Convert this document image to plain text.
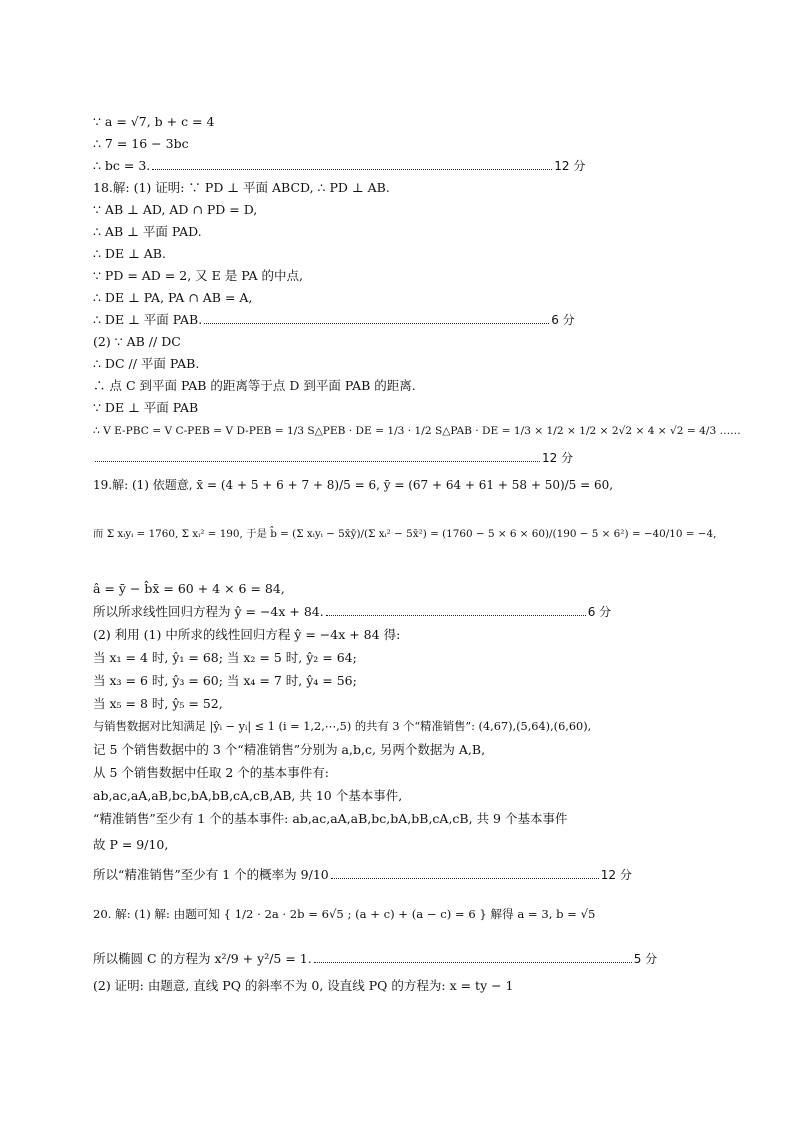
∵ a = √7, b + c = 4
∴ 7 = 16 − 3bc
∴ bc = 3.	12 分
18.解: (1) 证明: ∵ PD ⊥ 平面 ABCD, ∴ PD ⊥ AB.
∵ AB ⊥ AD, AD ∩ PD = D,
∴ AB ⊥ 平面 PAD.
∴ DE ⊥ AB.
∵ PD = AD = 2, 又 E 是 PA 的中点,
∴ DE ⊥ PA, PA ∩ AB = A,
∴ DE ⊥ 平面 PAB.	6 分
(2) ∵ AB // DC
∴ DC // 平面 PAB.
∴ 点 C 到平面 PAB 的距离等于点 D 到平面 PAB 的距离.
∵ DE ⊥ 平面 PAB
∴ V E-PBC = V C-PEB = V D-PEB = 1/3 S△PEB · DE = 1/3 · 1/2 S△PAB · DE = 1/3 × 1/2 × 1/2 × 2√2 × 4 × √2 = 4/3 ……
12 分
19.解: (1) 依题意, x̄ = (4 + 5 + 6 + 7 + 8)/5 = 6, ȳ = (67 + 64 + 61 + 58 + 50)/5 = 60,
而 Σ xᵢyᵢ = 1760, Σ xᵢ² = 190, 于是 b̂ = (Σ xᵢyᵢ − 5x̄ȳ)/(Σ xᵢ² − 5x̄²) = (1760 − 5 × 6 × 60)/(190 − 5 × 6²) = −40/10 = −4,
â = ȳ − b̂x̄ = 60 + 4 × 6 = 84,
所以所求线性回归方程为 ŷ = −4x + 84.	6 分
(2) 利用 (1) 中所求的线性回归方程 ŷ = −4x + 84 得:
当 x₁ = 4 时, ŷ₁ = 68; 当 x₂ = 5 时, ŷ₂ = 64;
当 x₃ = 6 时, ŷ₃ = 60; 当 x₄ = 7 时, ŷ₄ = 56;
当 x₅ = 8 时, ŷ₅ = 52,
与销售数据对比知满足 |ŷᵢ − yᵢ| ≤ 1 (i = 1,2,⋯,5) 的共有 3 个“精准销售”: (4,67),(5,64),(6,60),
记 5 个销售数据中的 3 个“精准销售”分别为 a,b,c, 另两个数据为 A,B,
从 5 个销售数据中任取 2 个的基本事件有:
ab,ac,aA,aB,bc,bA,bB,cA,cB,AB, 共 10 个基本事件,
“精准销售”至少有 1 个的基本事件: ab,ac,aA,aB,bc,bA,bB,cA,cB, 共 9 个基本事件
故 P = 9/10,
所以“精准销售”至少有 1 个的概率为 9/10	12 分
20. 解: (1) 解: 由题可知 { 1/2 · 2a · 2b = 6√5 ; (a + c) + (a − c) = 6 } 解得 a = 3, b = √5
所以椭圆 C 的方程为 x²/9 + y²/5 = 1.	5 分
(2) 证明: 由题意, 直线 PQ 的斜率不为 0, 设直线 PQ 的方程为: x = ty − 1
